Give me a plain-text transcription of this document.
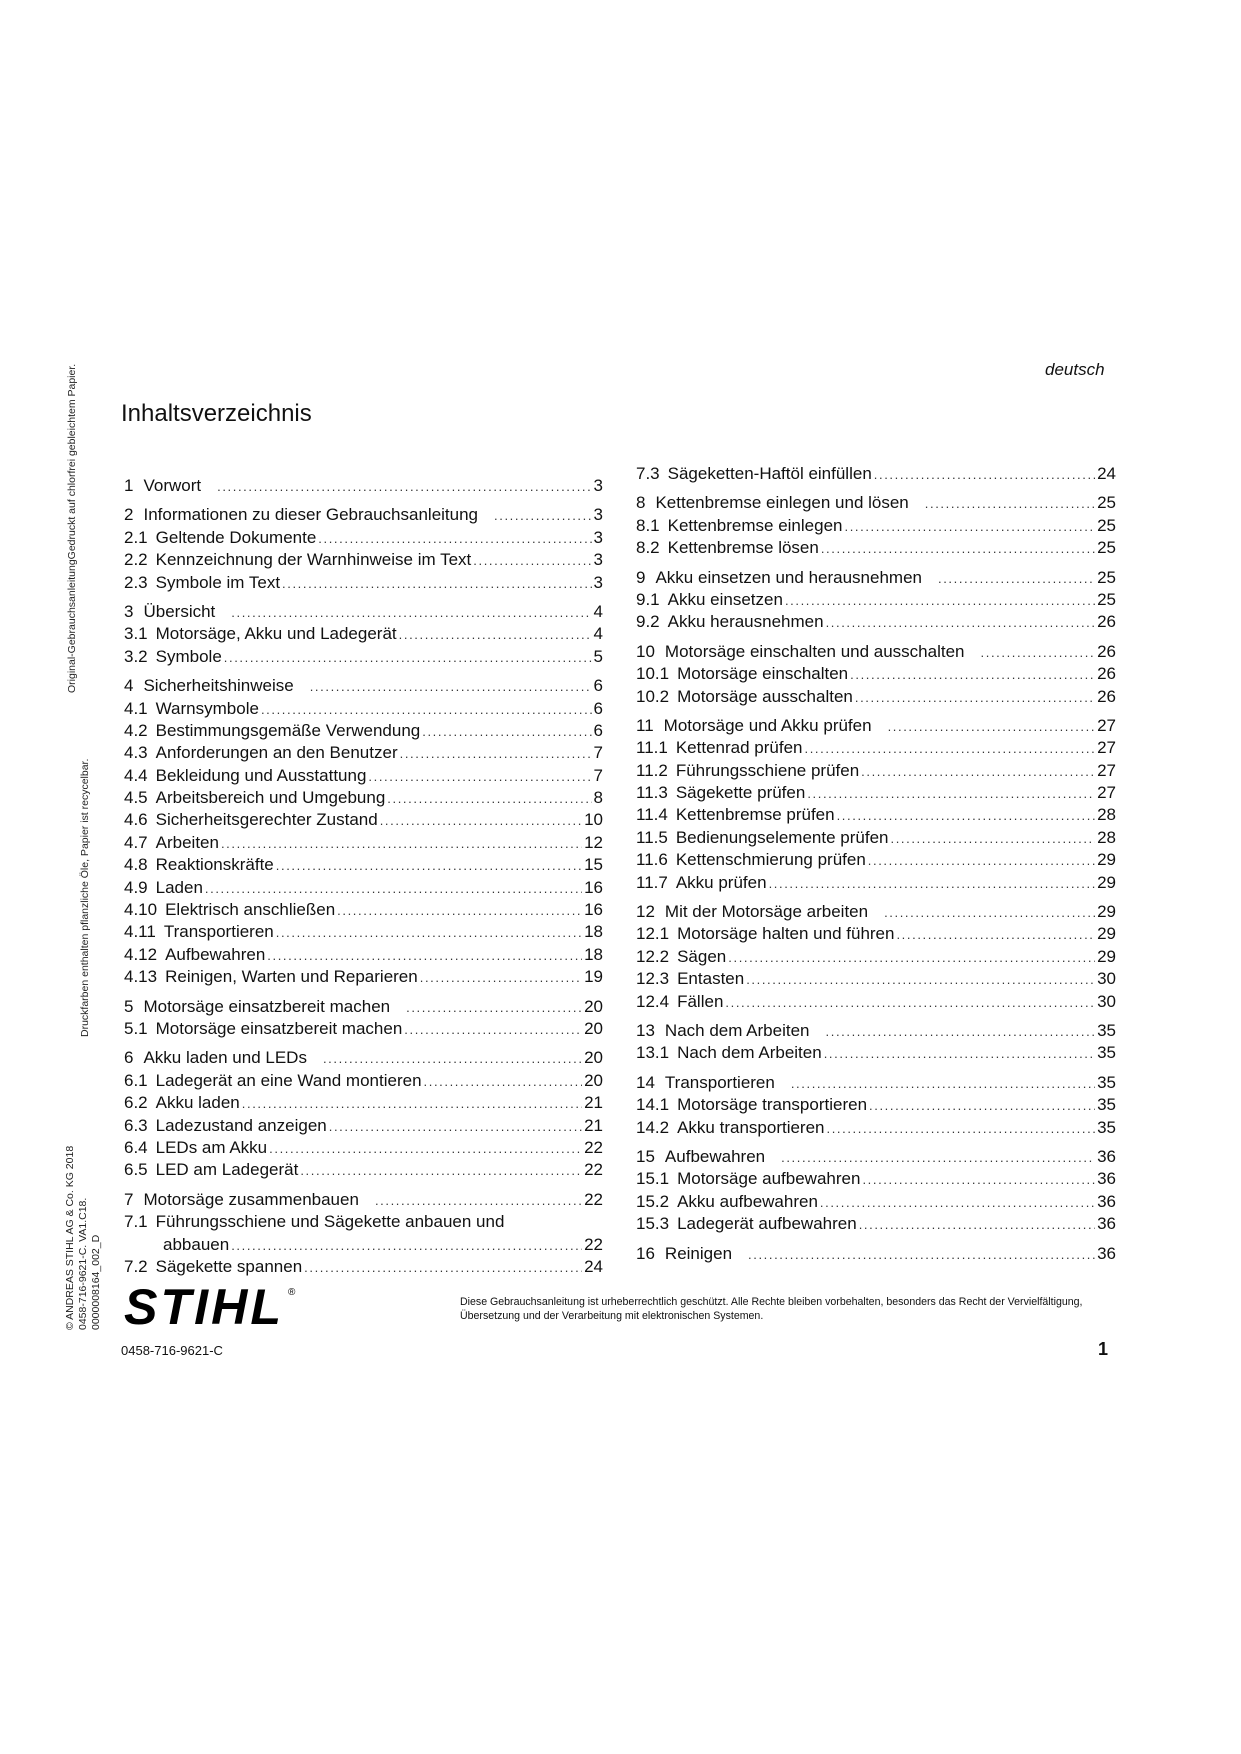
Original-GebrauchsanleitungGedruckt auf chlorfrei gebleichtem Papier.
Druckfarben enthalten pflanzliche Öle, Papier ist recycelbar.
© ANDREAS STIHL AG & Co. KG 2018 0458-716-9621-C. VA1.C18. 0000008164_002_D
deutsch
Inhaltsverzeichnis
1 Vorwort .....	3
2 Informationen zu dieser Gebrauchsanleitung .....	3
2.1 Geltende Dokumente .....	3
2.2 Kennzeichnung der Warnhinweise im Text .....	3
2.3 Symbole im Text .....	3
3 Übersicht .....	4
3.1 Motorsäge, Akku und Ladegerät .....	4
3.2 Symbole .....	5
4 Sicherheitshinweise .....	6
4.1 Warnsymbole .....	6
4.2 Bestimmungsgemäße Verwendung .....	6
4.3 Anforderungen an den Benutzer .....	7
4.4 Bekleidung und Ausstattung .....	7
4.5 Arbeitsbereich und Umgebung .....	8
4.6 Sicherheitsgerechter Zustand .....	10
4.7 Arbeiten .....	12
4.8 Reaktionskräfte .....	15
4.9 Laden .....	16
4.10 Elektrisch anschließen .....	16
4.11 Transportieren .....	18
4.12 Aufbewahren .....	18
4.13 Reinigen, Warten und Reparieren .....	19
5 Motorsäge einsatzbereit machen .....	20
5.1 Motorsäge einsatzbereit machen .....	20
6 Akku laden und LEDs .....	20
6.1 Ladegerät an eine Wand montieren .....	20
6.2 Akku laden .....	21
6.3 Ladezustand anzeigen .....	21
6.4 LEDs am Akku .....	22
6.5 LED am Ladegerät .....	22
7 Motorsäge zusammenbauen .....	22
7.1 Führungsschiene und Sägekette anbauen und
abbauen .....	22
7.2 Sägekette spannen .....	24
7.3 Sägeketten-Haftöl einfüllen .....	24
8 Kettenbremse einlegen und lösen .....	25
8.1 Kettenbremse einlegen .....	25
8.2 Kettenbremse lösen .....	25
9 Akku einsetzen und herausnehmen .....	25
9.1 Akku einsetzen .....	25
9.2 Akku herausnehmen .....	26
10 Motorsäge einschalten und ausschalten .....	26
10.1 Motorsäge einschalten .....	26
10.2 Motorsäge ausschalten .....	26
11 Motorsäge und Akku prüfen .....	27
11.1 Kettenrad prüfen .....	27
11.2 Führungsschiene prüfen .....	27
11.3 Sägekette prüfen .....	27
11.4 Kettenbremse prüfen .....	28
11.5 Bedienungselemente prüfen .....	28
11.6 Kettenschmierung prüfen .....	29
11.7 Akku prüfen .....	29
12 Mit der Motorsäge arbeiten .....	29
12.1 Motorsäge halten und führen .....	29
12.2 Sägen .....	29
12.3 Entasten .....	30
12.4 Fällen .....	30
13 Nach dem Arbeiten .....	35
13.1 Nach dem Arbeiten .....	35
14 Transportieren .....	35
14.1 Motorsäge transportieren .....	35
14.2 Akku transportieren .....	35
15 Aufbewahren .....	36
15.1 Motorsäge aufbewahren .....	36
15.2 Akku aufbewahren .....	36
15.3 Ladegerät aufbewahren .....	36
16 Reinigen .....	36
STIHL ®
Diese Gebrauchsanleitung ist urheberrechtlich geschützt. Alle Rechte bleiben vorbehalten, besonders das Recht der Vervielfältigung, Übersetzung und der Verarbeitung mit elektronischen Systemen.
0458-716-9621-C	1
